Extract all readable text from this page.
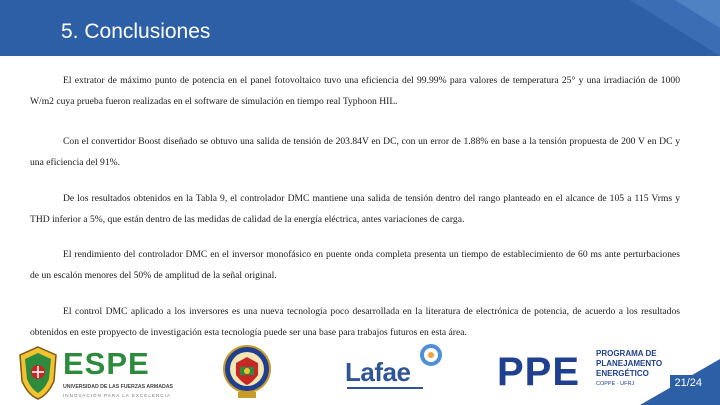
5. Conclusiones
El extrator de máximo punto de potencia en el panel fotovoltaico tuvo una eficiencia del 99.99% para valores de temperatura 25° y una irradiación de 1000 W/m2 cuya prueba fueron realizadas en el software de simulación en tiempo real Typhoon HIL.
Con el convertidor Boost diseñado se obtuvo una salida de tensión de 203.84V en DC, con un error de 1.88% en base a la tensión propuesta de 200 V en DC y una eficiencia del 91%.
De los resultados obtenidos en la Tabla 9, el controlador DMC mantiene una salida de tensión dentro del rango planteado en el alcance de 105 a 115 Vrms y THD inferior a 5%, que están dentro de las medidas de calidad de la energía eléctrica, antes variaciones de carga.
El rendimiento del controlador DMC en el inversor monofásico en puente onda completa presenta un tiempo de establecimiento de 60 ms ante perturbaciones de un escalón menores del 50% de amplitud de la señal original.
El control DMC aplicado a los inversores es una nueva tecnología poco desarrollada en la literatura de electrónica de potencia, de acuerdo a los resultados obtenidos en este propyecto de investigación esta tecnología puede ser una base para trabajos futuros en esta área.
ESPE
UNIVERSIDAD DE LAS FUERZAS ARMADAS
INNOVACIÓN PARA LA EXCELENCIA
Lafae PPE	PROGRAMA DE
PLANEJAMENTO
ENERGÉTICO
COPPE · UFRJ	21/24
